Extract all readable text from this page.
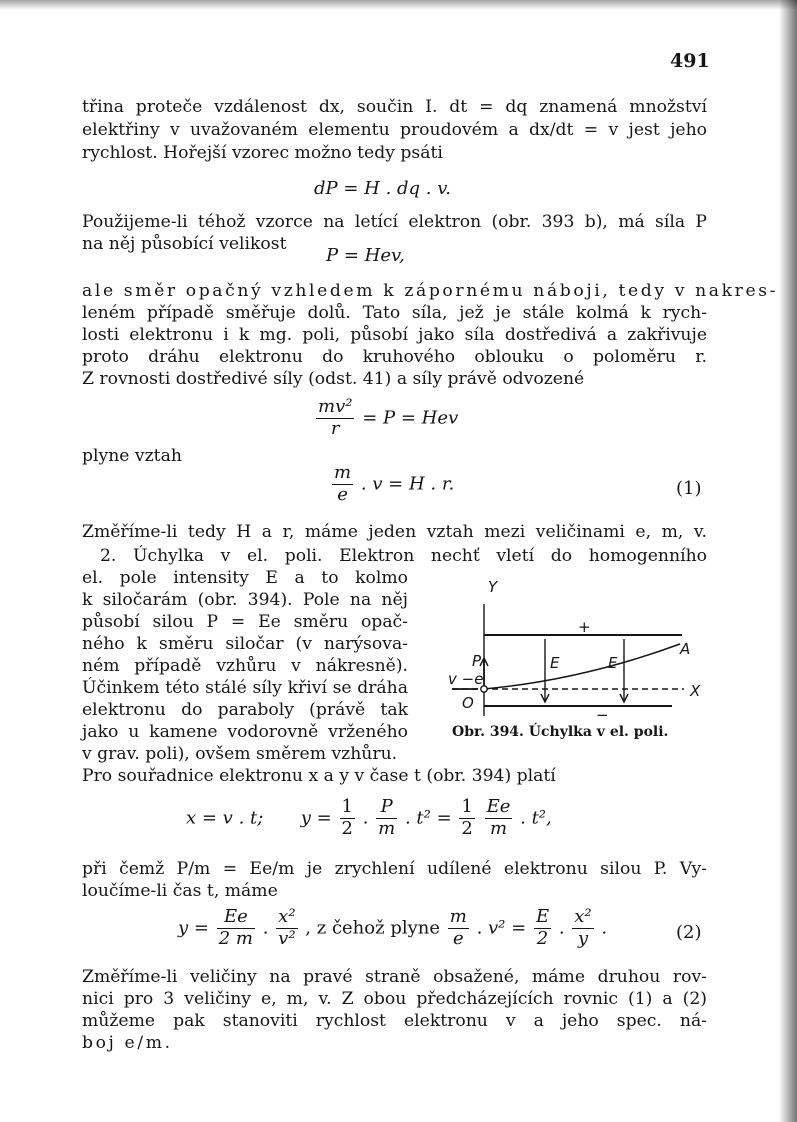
491
třina proteče vzdálenost dx, součin I. dt = dq znamená množství
elektřiny v uvažovaném elementu proudovém a dx/dt = v jest jeho
rychlost. Hořejší vzorec možno tedy psáti
dP = H . dq . v.
Použijeme-li téhož vzorce na letící elektron (obr. 393 b), má síla P
na něj působící velikost
P = Hev,
ale směr opačný vzhledem k zápornému náboji, tedy v nakres-
leném případě směřuje dolů. Tato síla, jež je stále kolmá k rych-
losti elektronu i k mg. poli, působí jako síla dostředivá a zakřivuje
proto dráhu elektronu do kruhového oblouku o poloměru r.
Z rovnosti dostředivé síly (odst. 41) a síly právě odvozené
$\frac{\text{mv²}}{r} = P$ = Hev
plyne vztah
$\frac{m}{e}$ . v = H . r.	(1)
Změříme-li tedy H a r, máme jeden vztah mezi veličinami e, m, v.
2. Úchylka v el. poli. Elektron nechť vletí do homogenního
el. pole intensity E a to kolmo
k siločarám (obr. 394). Pole na něj
působí silou P = Ee směru opač-
ného k směru siločar (v narýsova-
ném případě vzhůru v nákresně).
Účinkem této stálé síly křiví se dráha
elektronu do paraboly (právě tak
jako u kamene vodorovně vrženého
v grav. poli), ovšem směrem vzhůru.
Y
X
A
+
−
P	E	E
v −e
O
Obr. 394. Úchylka v el. poli.
Pro souřadnice elektronu x a y v čase t (obr. 394) platí
x = v . t; $y = \frac{1}{2}$ . $\frac{P}{m}$ . $t^2 = \frac{1}{2}$
$\frac{Ee}{m}$ . t²,
při čemž P/m = Ee/m je zrychlení udílené elektronu silou P. Vy-
loučíme-li čas t, máme
$y = \frac{Ee}{2 m}$ . $\frac{\text{x²}}{\text{v²}}$ , z čehož plyne $\frac{m}{e}$ . $v^2 = \frac{E}{2}$ . $\frac{\text{x²}}{y}$ .	(2)
Změříme-li veličiny na pravé straně obsažené, máme druhou rov-
nici pro 3 veličiny e, m, v. Z obou předcházejících rovnic (1) a (2)
můžeme pak stanoviti rychlost elektronu v a jeho spec. ná-
boj e/m.
